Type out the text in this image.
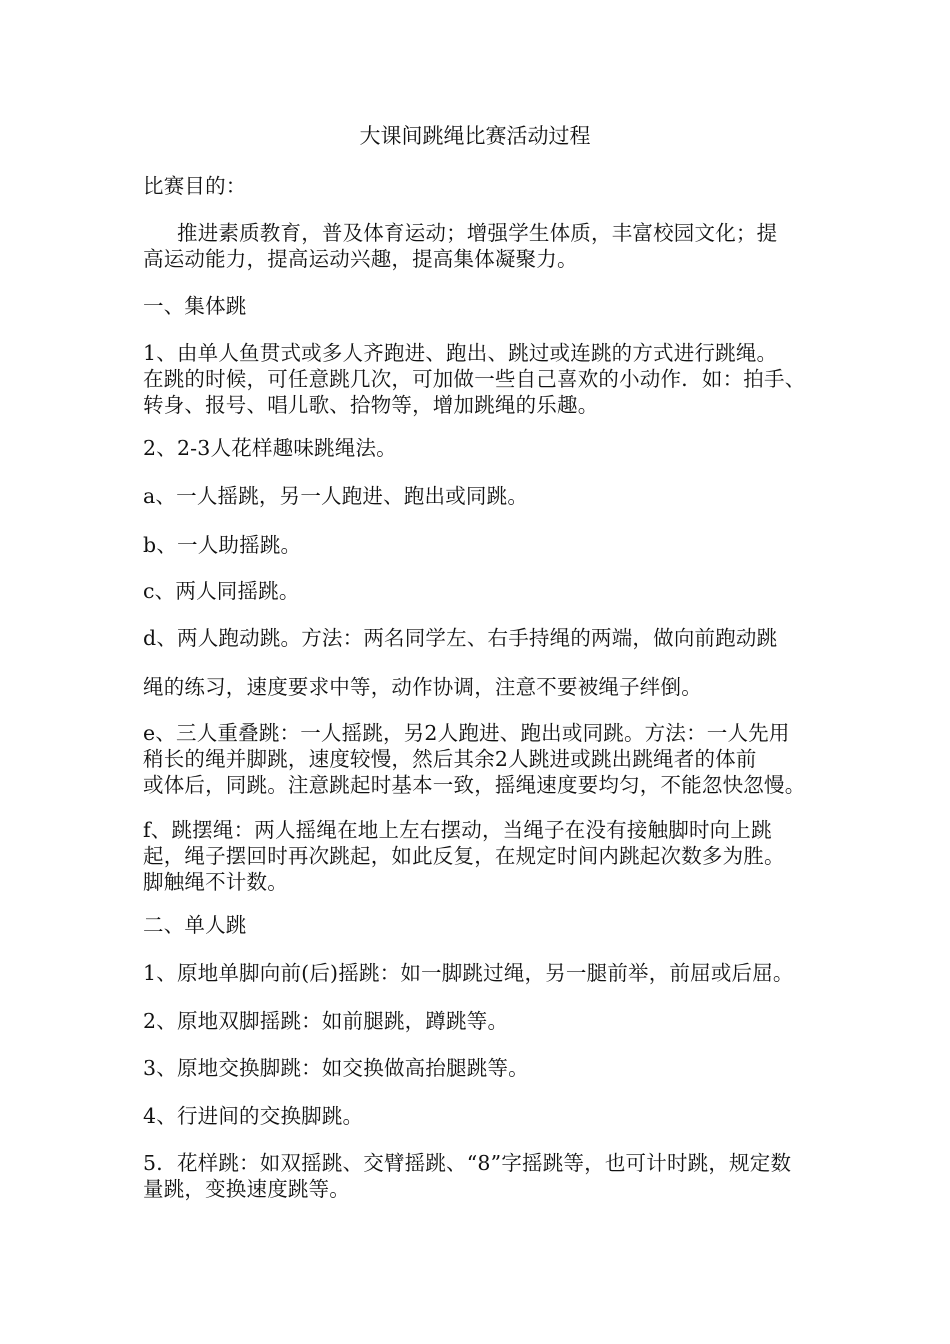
大课间跳绳比赛活动过程
比赛目的：
推进素质教育，普及体育运动；增强学生体质，丰富校园文化；提
高运动能力，提高运动兴趣，提高集体凝聚力。
一、集体跳
1、由单人鱼贯式或多人齐跑进、跑出、跳过或连跳的方式进行跳绳。
在跳的时候，可任意跳几次，可加做一些自己喜欢的小动作．如：拍手、
转身、报号、唱儿歌、拾物等，增加跳绳的乐趣。
2、2-3人花样趣味跳绳法。
a、一人摇跳，另一人跑进、跑出或同跳。
b、一人助摇跳。
c、两人同摇跳。
d、两人跑动跳。方法：两名同学左、右手持绳的两端，做向前跑动跳
绳的练习，速度要求中等，动作协调，注意不要被绳子绊倒。
e、三人重叠跳：一人摇跳，另2人跑进、跑出或同跳。方法：一人先用
稍长的绳并脚跳，速度较慢，然后其余2人跳进或跳出跳绳者的体前
或体后，同跳。注意跳起时基本一致，摇绳速度要均匀，不能忽快忽慢。
f、跳摆绳：两人摇绳在地上左右摆动，当绳子在没有接触脚时向上跳
起，绳子摆回时再次跳起，如此反复，在规定时间内跳起次数多为胜。
脚触绳不计数。
二、单人跳
1、原地单脚向前(后)摇跳：如一脚跳过绳，另一腿前举，前屈或后屈。
2、原地双脚摇跳：如前腿跳，蹲跳等。
3、原地交换脚跳：如交换做高抬腿跳等。
4、行进间的交换脚跳。
5．花样跳：如双摇跳、交臂摇跳、“8”字摇跳等，也可计时跳，规定数
量跳，变换速度跳等。
